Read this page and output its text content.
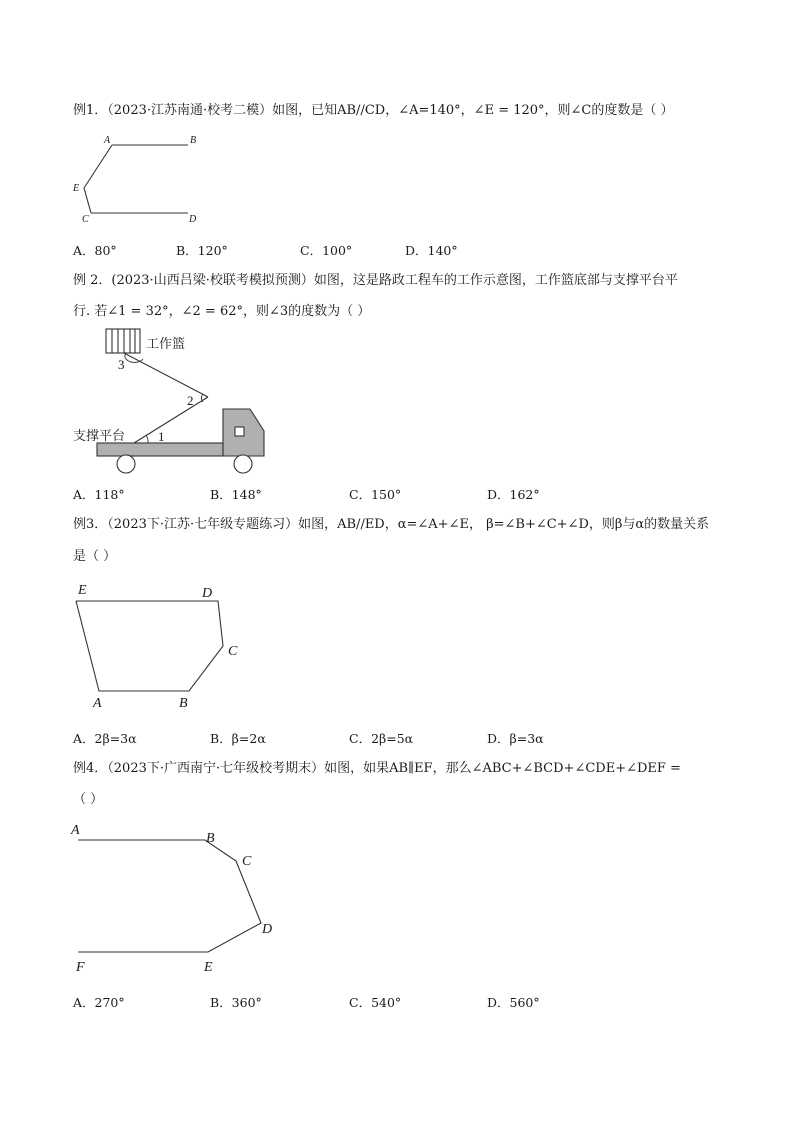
例1．（2023·江苏南通·校考二模）如图，已知AB//CD，∠A=140°，∠E = 120°，则∠C的度数是（ ）
A	B
E
C	D
A．80°	B．120°	C．100°	D．140°
例 2．(2023·山西吕梁·校联考模拟预测）如图，这是路政工程车的工作示意图，工作篮底部与支撑平台平
行. 若∠1 = 32°，∠2 = 62°，则∠3的度数为（ ）
工作篮
支撑平台
3
2
1
A．118°	B．148°	C．150°	D．162°
例3．（2023下·江苏·七年级专题练习）如图，AB//ED，α=∠A+∠E， β=∠B+∠C+∠D，则β与α的数量关系
是（ ）
E	D
C
A	B
A．2β=3α	B．β=2α	C．2β=5α	D．β=3α
例4．（2023下·广西南宁·七年级校考期末）如图，如果AB∥EF，那么∠ABC+∠BCD+∠CDE+∠DEF =
（ ）
A
B
C
D
E
F
A．270°	B．360°	C．540°	D．560°
